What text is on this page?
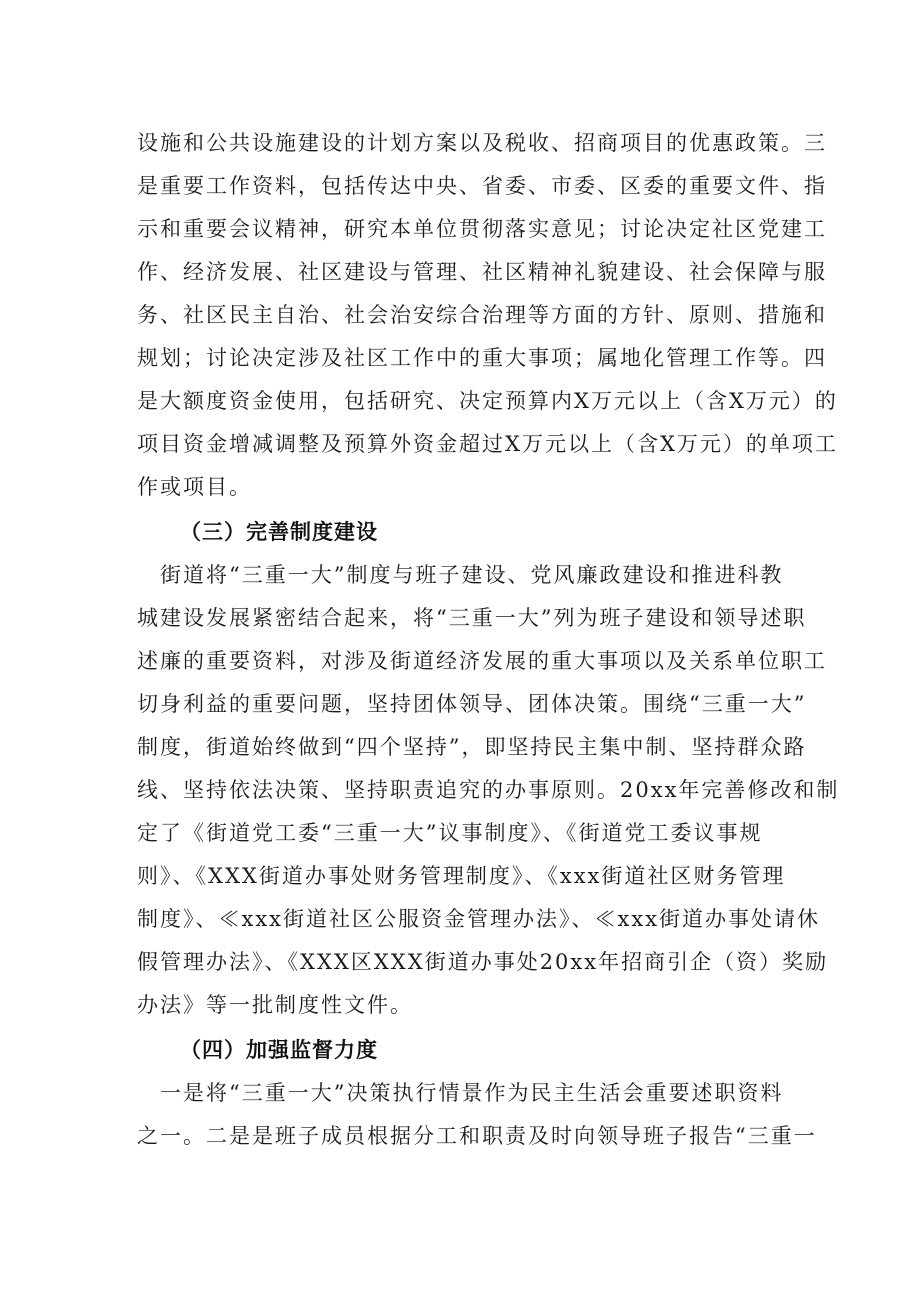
设施和公共设施建设的计划方案以及税收、招商项目的优惠政策。三
是重要工作资料，包括传达中央、省委、市委、区委的重要文件、指
示和重要会议精神，研究本单位贯彻落实意见；讨论决定社区党建工
作、经济发展、社区建设与管理、社区精神礼貌建设、社会保障与服
务、社区民主自治、社会治安综合治理等方面的方针、原则、措施和
规划；讨论决定涉及社区工作中的重大事项；属地化管理工作等。四
是大额度资金使用，包括研究、决定预算内X万元以上（含X万元）的
项目资金增减调整及预算外资金超过X万元以上（含X万元）的单项工
作或项目。
（三）完善制度建设
　街道将“三重一大”制度与班子建设、党风廉政建设和推进科教
城建设发展紧密结合起来，将“三重一大”列为班子建设和领导述职
述廉的重要资料，对涉及街道经济发展的重大事项以及关系单位职工
切身利益的重要问题，坚持团体领导、团体决策。围绕“三重一大”
制度，街道始终做到“四个坚持”，即坚持民主集中制、坚持群众路
线、坚持依法决策、坚持职责追究的办事原则。20xx年完善修改和制
定了《街道党工委“三重一大”议事制度》、《街道党工委议事规
则》、《XXX街道办事处财务管理制度》、《xxx街道社区财务管理
制度》、≪xxx街道社区公服资金管理办法》、≪xxx街道办事处请休
假管理办法》、《XXX区XXX街道办事处20xx年招商引企（资）奖励
办法》等一批制度性文件。
（四）加强监督力度
　一是将“三重一大”决策执行情景作为民主生活会重要述职资料
之一。二是是班子成员根据分工和职责及时向领导班子报告“三重一
